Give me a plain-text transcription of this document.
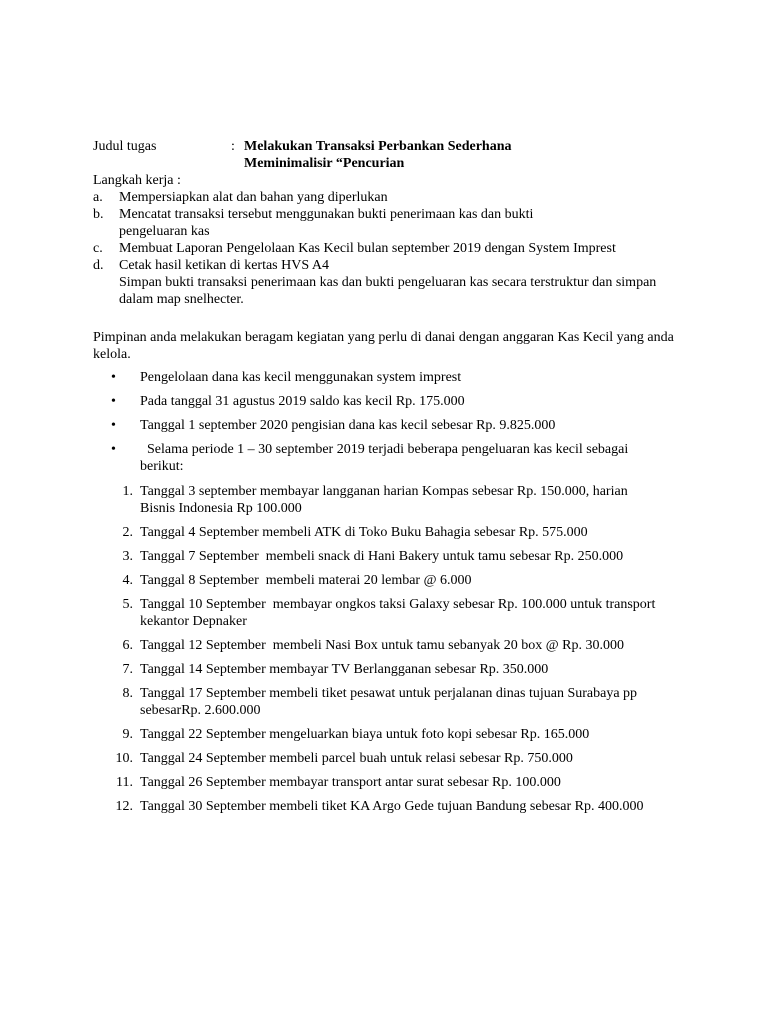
Judul tugas	: Melakukan Transaksi Perbankan Sederhana
Meminimalisir “Pencurian
Langkah kerja :
a.	Mempersiapkan alat dan bahan yang diperlukan
b.	Mencatat transaksi tersebut menggunakan bukti penerimaan kas dan bukti pengeluaran kas
c.	Membuat Laporan Pengelolaan Kas Kecil bulan september 2019 dengan System Imprest
d.	Cetak hasil ketikan di kertas HVS A4
Simpan bukti transaksi penerimaan kas dan bukti pengeluaran kas secara terstruktur dan simpan dalam map snelhecter.
Pimpinan anda melakukan beragam kegiatan yang perlu di danai dengan anggaran Kas Kecil yang anda kelola.
• Pengelolaan dana kas kecil menggunakan system imprest
• Pada tanggal 31 agustus 2019 saldo kas kecil Rp. 175.000
• Tanggal 1 september 2020 pengisian dana kas kecil sebesar Rp. 9.825.000
• Selama periode 1 – 30 september 2019 terjadi beberapa pengeluaran kas kecil sebagai berikut:
1. Tanggal 3 september membayar langganan harian Kompas sebesar Rp. 150.000, harian Bisnis Indonesia Rp 100.000
2. Tanggal 4 September membeli ATK di Toko Buku Bahagia sebesar Rp. 575.000
3. Tanggal 7 September  membeli snack di Hani Bakery untuk tamu sebesar Rp. 250.000
4. Tanggal 8 September  membeli materai 20 lembar @ 6.000
5. Tanggal 10 September  membayar ongkos taksi Galaxy sebesar Rp. 100.000 untuk transport kekantor Depnaker
6. Tanggal 12 September  membeli Nasi Box untuk tamu sebanyak 20 box @ Rp. 30.000
7. Tanggal 14 September membayar TV Berlangganan sebesar Rp. 350.000
8. Tanggal 17 September membeli tiket pesawat untuk perjalanan dinas tujuan Surabaya pp sebesarRp. 2.600.000
9. Tanggal 22 September mengeluarkan biaya untuk foto kopi sebesar Rp. 165.000
10. Tanggal 24 September membeli parcel buah untuk relasi sebesar Rp. 750.000
11. Tanggal 26 September membayar transport antar surat sebesar Rp. 100.000
12. Tanggal 30 September membeli tiket KA Argo Gede tujuan Bandung sebesar Rp. 400.000
